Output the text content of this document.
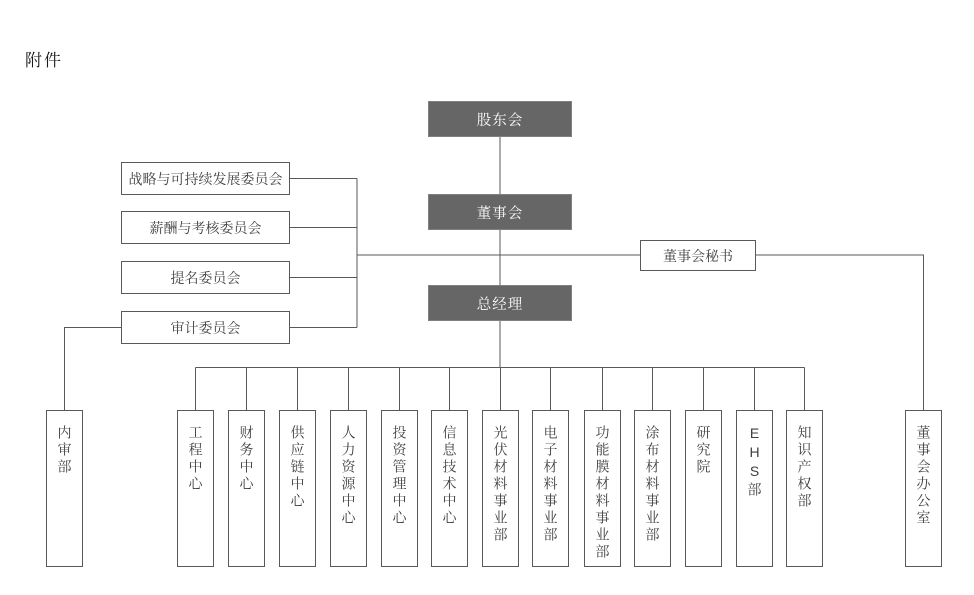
附件
股东会
董事会
总经理
战略与可持续发展委员会
薪酬与考核委员会
提名委员会
审计委员会
董事会秘书
内审部	工程中心	财务中心	供应链中心	人力资源中心	投资管理中心 信息技术中心	光伏材料事业部 电子材料事业部	功能膜材料事业部 涂布材料事业部	研究院	EHS部 知识产权部	董事会办公室
